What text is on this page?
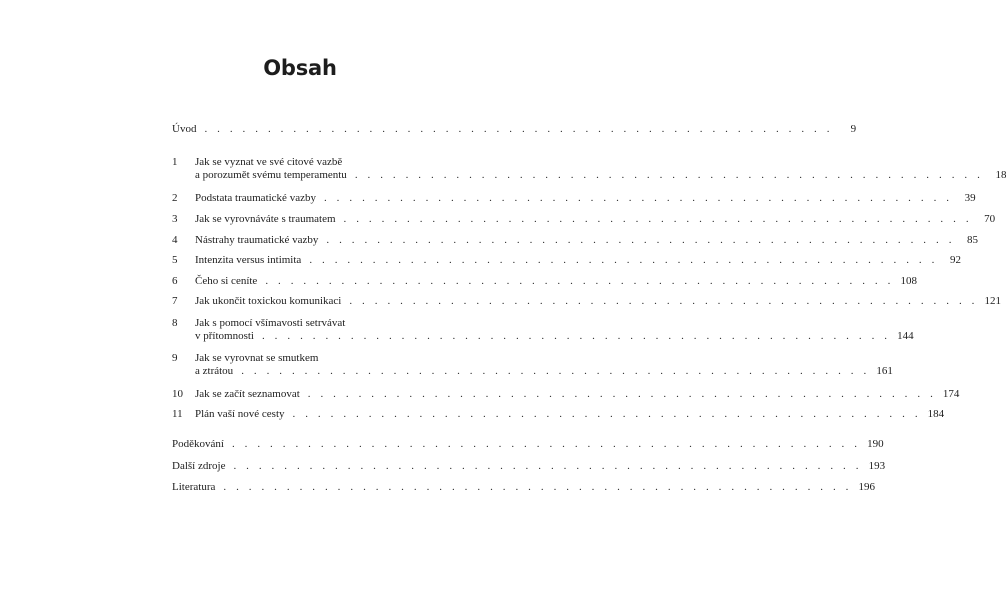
Obsah
Úvod . . . . . . . . . . . . . . . . . . . . . . . . . . . . . . . . . . . . . . . . . . . . . . . . . .	9
1	Jak se vyznat ve své citové vazbě
a porozumět svému temperamentu . . . . . . . . . . . . . . . . . . . . . . . . . . . . . . . . . . . . . . . . . . . . . . . . . .	18
2	Podstata traumatické vazby . . . . . . . . . . . . . . . . . . . . . . . . . . . . . . . . . . . . . . . . . . . . . . . . . .	39
3	Jak se vyrovnáváte s traumatem . . . . . . . . . . . . . . . . . . . . . . . . . . . . . . . . . . . . . . . . . . . . . . . . . .	70
4	Nástrahy traumatické vazby . . . . . . . . . . . . . . . . . . . . . . . . . . . . . . . . . . . . . . . . . . . . . . . . . .	85
5	Intenzita versus intimita . . . . . . . . . . . . . . . . . . . . . . . . . . . . . . . . . . . . . . . . . . . . . . . . . .	92
6	Čeho si ceníte . . . . . . . . . . . . . . . . . . . . . . . . . . . . . . . . . . . . . . . . . . . . . . . . . . 108
7	Jak ukončit toxickou komunikaci . . . . . . . . . . . . . . . . . . . . . . . . . . . . . . . . . . . . . . . . . . . . . . . . . . 121
8	Jak s pomocí všímavosti setrvávat
v přítomnosti . . . . . . . . . . . . . . . . . . . . . . . . . . . . . . . . . . . . . . . . . . . . . . . . . . 144
9	Jak se vyrovnat se smutkem
a ztrátou . . . . . . . . . . . . . . . . . . . . . . . . . . . . . . . . . . . . . . . . . . . . . . . . . . 161
10 Jak se začít seznamovat . . . . . . . . . . . . . . . . . . . . . . . . . . . . . . . . . . . . . . . . . . . . . . . . . . 174
11 Plán vaší nové cesty . . . . . . . . . . . . . . . . . . . . . . . . . . . . . . . . . . . . . . . . . . . . . . . . . . 184
Poděkování . . . . . . . . . . . . . . . . . . . . . . . . . . . . . . . . . . . . . . . . . . . . . . . . . . 190
Další zdroje . . . . . . . . . . . . . . . . . . . . . . . . . . . . . . . . . . . . . . . . . . . . . . . . . . 193
Literatura . . . . . . . . . . . . . . . . . . . . . . . . . . . . . . . . . . . . . . . . . . . . . . . . . . 196
